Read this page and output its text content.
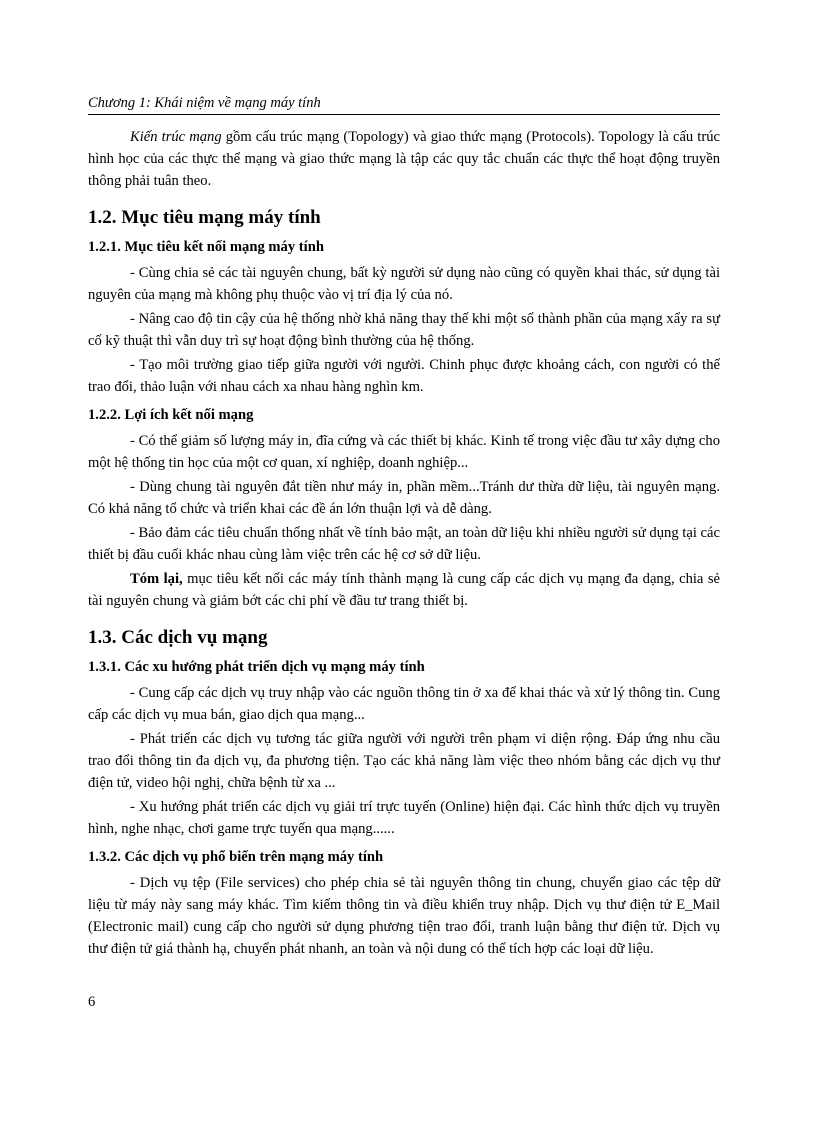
Chương 1: Khái niệm về mạng máy tính

Kiến trúc mạng gồm cấu trúc mạng (Topology) và giao thức mạng (Protocols). Topology là cấu trúc hình học của các thực thể mạng và giao thức mạng là tập các quy tắc chuẩn các thực thể hoạt động truyền thông phải tuân theo.

1.2. Mục tiêu mạng máy tính
1.2.1. Mục tiêu kết nối mạng máy tính

- Cùng chia sẻ các tài nguyên chung, bất kỳ người sử dụng nào cũng có quyền khai thác, sử dụng tài nguyên của mạng mà không phụ thuộc vào vị trí địa lý của nó.

- Nâng cao độ tin cậy của hệ thống nhờ khả năng thay thế khi một số thành phần của mạng xẩy ra sự cố kỹ thuật thì vẫn duy trì sự hoạt động bình thường của hệ thống.

- Tạo môi trường giao tiếp giữa người với người. Chinh phục được khoảng cách, con người có thể trao đổi, thảo luận với nhau cách xa nhau hàng nghìn km.

1.2.2. Lợi ích kết nối mạng

- Có thể giảm số lượng máy in, đĩa cứng và các thiết bị khác. Kinh tế trong việc đầu tư xây dựng cho một hệ thống tin học của một cơ quan, xí nghiệp, doanh nghiệp...

- Dùng chung tài nguyên đắt tiền như máy in, phần mềm...Tránh dư thừa dữ liệu, tài nguyên mạng. Có khả năng tổ chức và triển khai các đề án lớn thuận lợi và dễ dàng.

- Bảo đảm các tiêu chuẩn thống nhất về tính bảo mật, an toàn dữ liệu khi nhiều người sử dụng tại các thiết bị đầu cuối khác nhau cùng làm việc trên các hệ cơ sở dữ liệu.

Tóm lại, mục tiêu kết nối các máy tính thành mạng là cung cấp các dịch vụ mạng đa dạng, chia sẻ tài nguyên chung và giảm bớt các chi phí về đầu tư trang thiết bị.

1.3. Các dịch vụ mạng
1.3.1. Các xu hướng phát triển dịch vụ mạng máy tính

- Cung cấp các dịch vụ truy nhập vào các nguồn thông tin ở xa để khai thác và xử lý thông tin. Cung cấp các dịch vụ mua bán, giao dịch qua mạng...

- Phát triển các dịch vụ tương tác giữa người với người trên phạm vi diện rộng. Đáp ứng nhu cầu trao đổi thông tin đa dịch vụ, đa phương tiện. Tạo các khả năng làm việc theo nhóm bằng các dịch vụ thư điện tử, video hội nghị, chữa bệnh từ xa ...

- Xu hướng phát triển các dịch vụ giải trí trực tuyến (Online) hiện đại. Các hình thức dịch vụ truyền hình, nghe nhạc, chơi game trực tuyến qua mạng......

1.3.2. Các dịch vụ phổ biến trên mạng máy tính

- Dịch vụ tệp (File services) cho phép chia sẻ tài nguyên thông tin chung, chuyển giao các tệp dữ liệu từ máy này sang máy khác. Tìm kiếm thông tin và điều khiển truy nhập. Dịch vụ thư điện tử E_Mail (Electronic mail) cung cấp cho người sử dụng phương tiện trao đổi, tranh luận bằng thư điện tử. Dịch vụ thư điện tử giá thành hạ, chuyển phát nhanh, an toàn và nội dung có thể tích hợp các loại dữ liệu.

6
